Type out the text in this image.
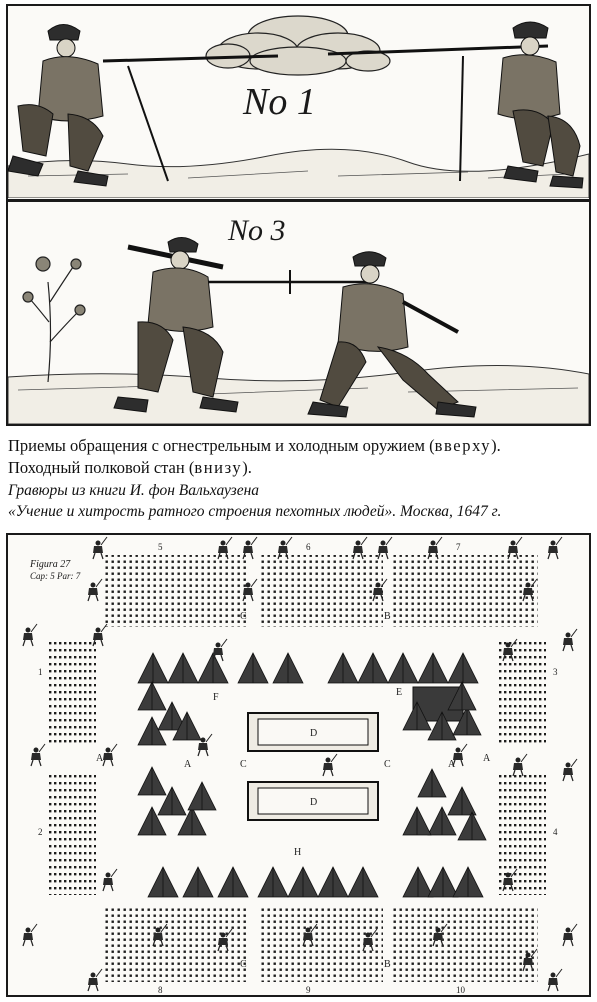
No 1
No 3
Приемы обращения с огнестрельным и холодным оружием (вверху).
Походный полковой стан (внизу).
Гравюры из книги И. фон Вальхаузена
«Учение и хитрость ратного строения пехотных людей». Москва, 1647 г.
Figura 27
Cap: 5 Par: 7
5	6	7
8	9	10
1
2
3
4
C	B
F	E
D
D
A
A
A
A
C	C
H
C	B
